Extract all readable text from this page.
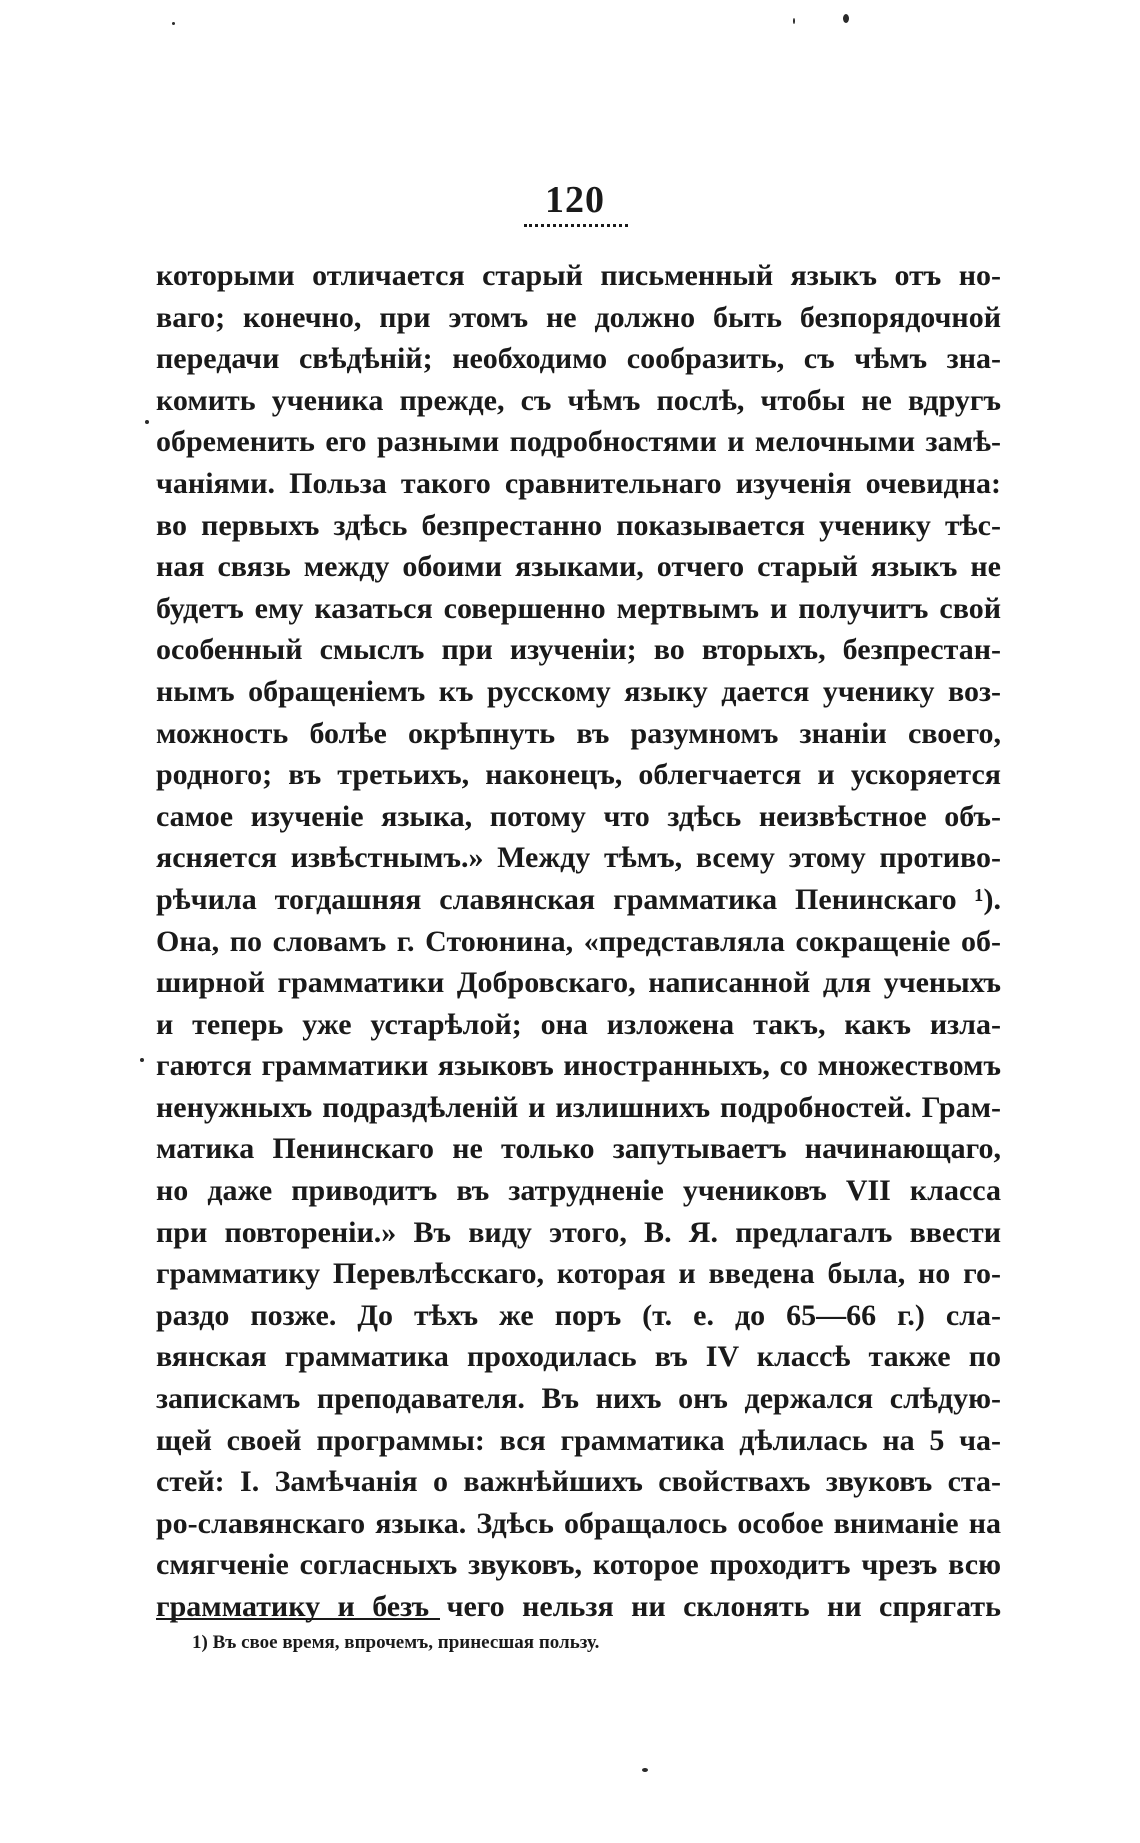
120
которыми отличается старый письменный языкъ отъ но-
ваго; конечно, при этомъ не должно быть безпорядочной
передачи свѣдѣній; необходимо сообразить, съ чѣмъ зна-
комить ученика прежде, съ чѣмъ послѣ, чтобы не вдругъ
обременить его разными подробностями и мелочными замѣ-
чаніями. Польза такого сравнительнаго изученія очевидна:
во первыхъ здѣсь безпрестанно показывается ученику тѣс-
ная связь между обоими языками, отчего старый языкъ не
будетъ ему казаться совершенно мертвымъ и получитъ свой
особенный смыслъ при изученіи; во вторыхъ, безпрестан-
нымъ обращеніемъ къ русскому языку дается ученику воз-
можность болѣе окрѣпнуть въ разумномъ знаніи своего,
родного; въ третьихъ, наконецъ, облегчается и ускоряется
самое изученіе языка, потому что здѣсь неизвѣстное объ-
ясняется извѣстнымъ.» Между тѣмъ, всему этому противо-
рѣчила тогдашняя славянская грамматика Пенинскаго ¹).
Она, по словамъ г. Стоюнина, «представляла сокращеніе об-
ширной грамматики Добровскаго, написанной для ученыхъ
и теперь уже устарѣлой; она изложена такъ, какъ изла-
гаются грамматики языковъ иностранныхъ, со множествомъ
ненужныхъ подраздѣленій и излишнихъ подробностей. Грам-
матика Пенинскаго не только запутываетъ начинающаго,
но даже приводитъ въ затрудненіе учениковъ VII класса
при повтореніи.» Въ виду этого, В. Я. предлагалъ ввести
грамматику Перевлѣсскаго, которая и введена была, но го-
раздо позже. До тѣхъ же поръ (т. е. до 65—66 г.) сла-
вянская грамматика проходилась въ IV классѣ также по
запискамъ преподавателя. Въ нихъ онъ держался слѣдую-
щей своей программы: вся грамматика дѣлилась на 5 ча-
стей: I. Замѣчанія о важнѣйшихъ свойствахъ звуковъ ста-
ро-славянскаго языка. Здѣсь обращалось особое вниманіе на
смягченіе согласныхъ звуковъ, которое проходитъ чрезъ всю
грамматику и безъ чего нельзя ни склонять ни спрягать
1) Въ свое время, впрочемъ, принесшая пользу.
